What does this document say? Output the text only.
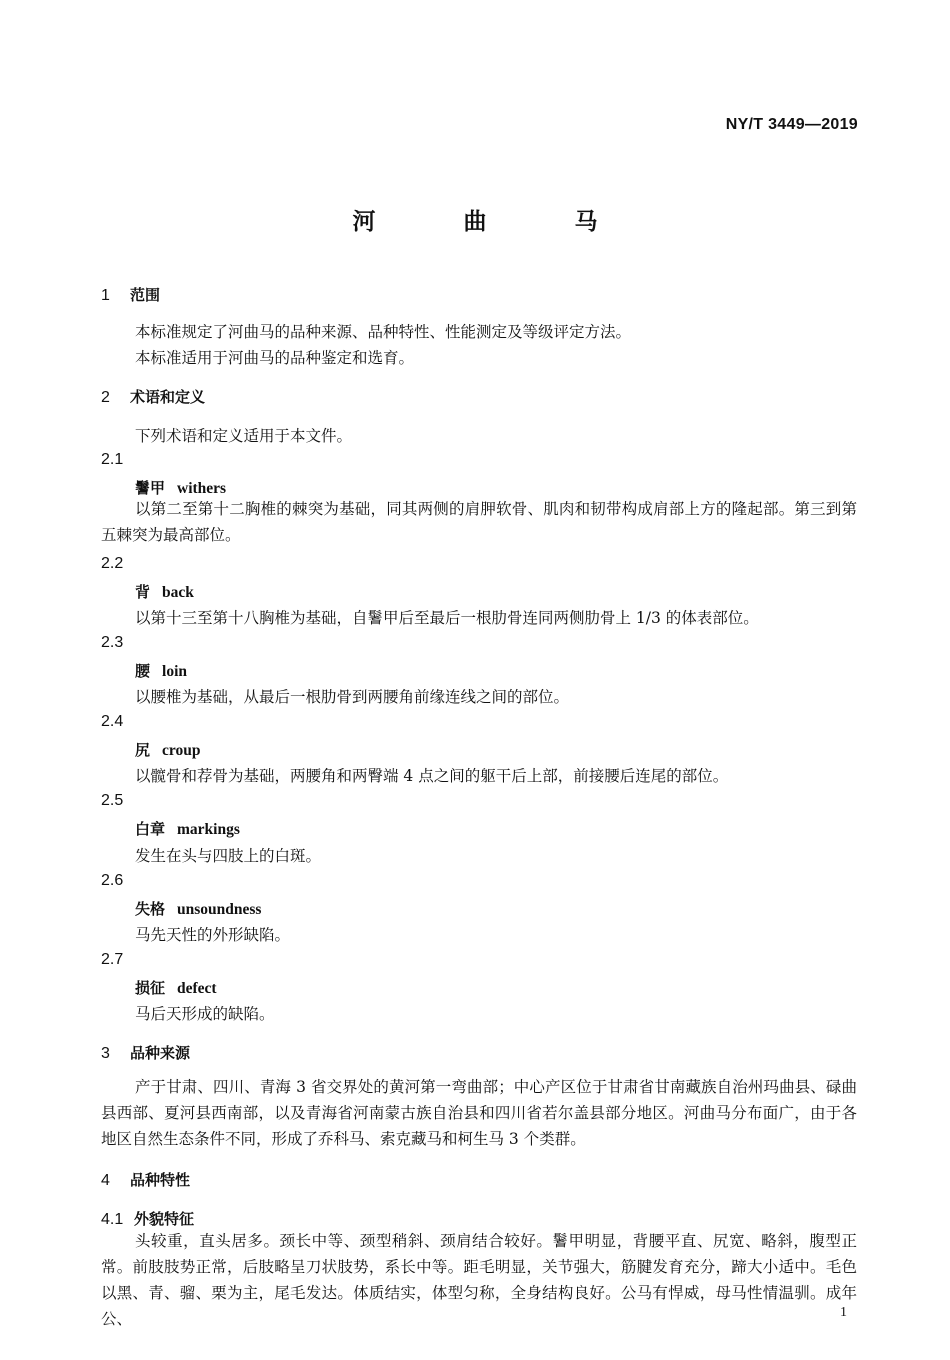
NY/T 3449—2019
河 曲 马
1 范围
本标准规定了河曲马的品种来源、品种特性、性能测定及等级评定方法。
本标准适用于河曲马的品种鉴定和选育。
2 术语和定义
下列术语和定义适用于本文件。
2.1
鬐甲 withers
以第二至第十二胸椎的棘突为基础，同其两侧的肩胛软骨、肌肉和韧带构成肩部上方的隆起部。第三到第五棘突为最高部位。
2.2
背 back
以第十三至第十八胸椎为基础，自鬐甲后至最后一根肋骨连同两侧肋骨上 1/3 的体表部位。
2.3
腰 loin
以腰椎为基础，从最后一根肋骨到两腰角前缘连线之间的部位。
2.4
尻 croup
以髋骨和荐骨为基础，两腰角和两臀端 4 点之间的躯干后上部，前接腰后连尾的部位。
2.5
白章 markings
发生在头与四肢上的白斑。
2.6
失格 unsoundness
马先天性的外形缺陷。
2.7
损征 defect
马后天形成的缺陷。
3 品种来源
产于甘肃、四川、青海 3 省交界处的黄河第一弯曲部；中心产区位于甘肃省甘南藏族自治州玛曲县、碌曲县西部、夏河县西南部，以及青海省河南蒙古族自治县和四川省若尔盖县部分地区。河曲马分布面广，由于各地区自然生态条件不同，形成了乔科马、索克藏马和柯生马 3 个类群。
4 品种特性
4.1 外貌特征
头较重，直头居多。颈长中等、颈型稍斜、颈肩结合较好。鬐甲明显，背腰平直、尻宽、略斜，腹型正常。前肢肢势正常，后肢略呈刀状肢势，系长中等。距毛明显，关节强大，筋腱发育充分，蹄大小适中。毛色以黑、青、骝、栗为主，尾毛发达。体质结实，体型匀称，全身结构良好。公马有悍威，母马性情温驯。成年公、	1
